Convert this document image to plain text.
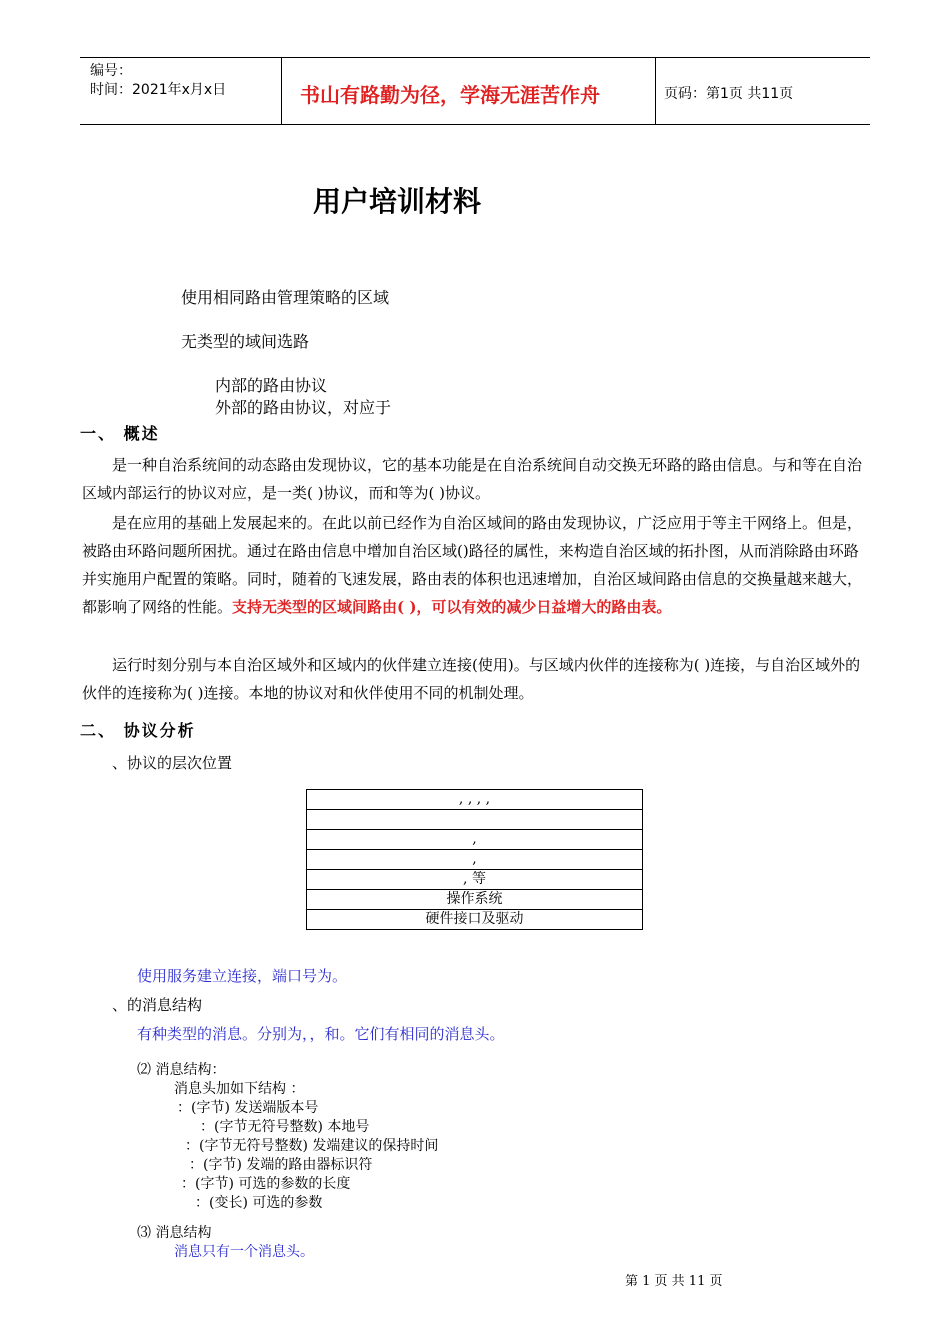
编号：
时间：2021年x月x日	书山有路勤为径，学海无涯苦作舟	页码：第1页 共11页
用户培训材料
使用相同路由管理策略的区域
无类型的域间选路
内部的路由协议
外部的路由协议，对应于
一、 概述
是一种自治系统间的动态路由发现协议，它的基本功能是在自治系统间自动交换无环路的路由信息。与和等在自治区域内部运行的协议对应，是一类( )协议，而和等为( )协议。
是在应用的基础上发展起来的。在此以前已经作为自治区域间的路由发现协议，广泛应用于等主干网络上。但是，被路由环路问题所困扰。通过在路由信息中增加自治区域()路径的属性，来构造自治区域的拓扑图，从而消除路由环路并实施用户配置的策略。同时，随着的飞速发展，路由表的体积也迅速增加，自治区域间路由信息的交换量越来越大，都影响了网络的性能。支持无类型的区域间路由( )，可以有效的减少日益增大的路由表。
运行时刻分别与本自治区域外和区域内的伙伴建立连接(使用)。与区域内伙伴的连接称为( )连接，与自治区域外的伙伴的连接称为( )连接。本地的协议对和伙伴使用不同的机制处理。
二、 协议分析
、协议的层次位置
, , , ,

,
,
, 等
操作系统
硬件接口及驱动
使用服务建立连接，端口号为。
、的消息结构
有种类型的消息。分别为，，和。它们有相同的消息头。
⑵ 消息结构：
消息头加如下结构 ：
：(字节) 发送端版本号
：(字节无符号整数) 本地号
：(字节无符号整数) 发端建议的保持时间
：(字节) 发端的路由器标识符
：(字节) 可选的参数的长度
：(变长) 可选的参数
⑶ 消息结构
消息只有一个消息头。
第 1 页 共 11 页
